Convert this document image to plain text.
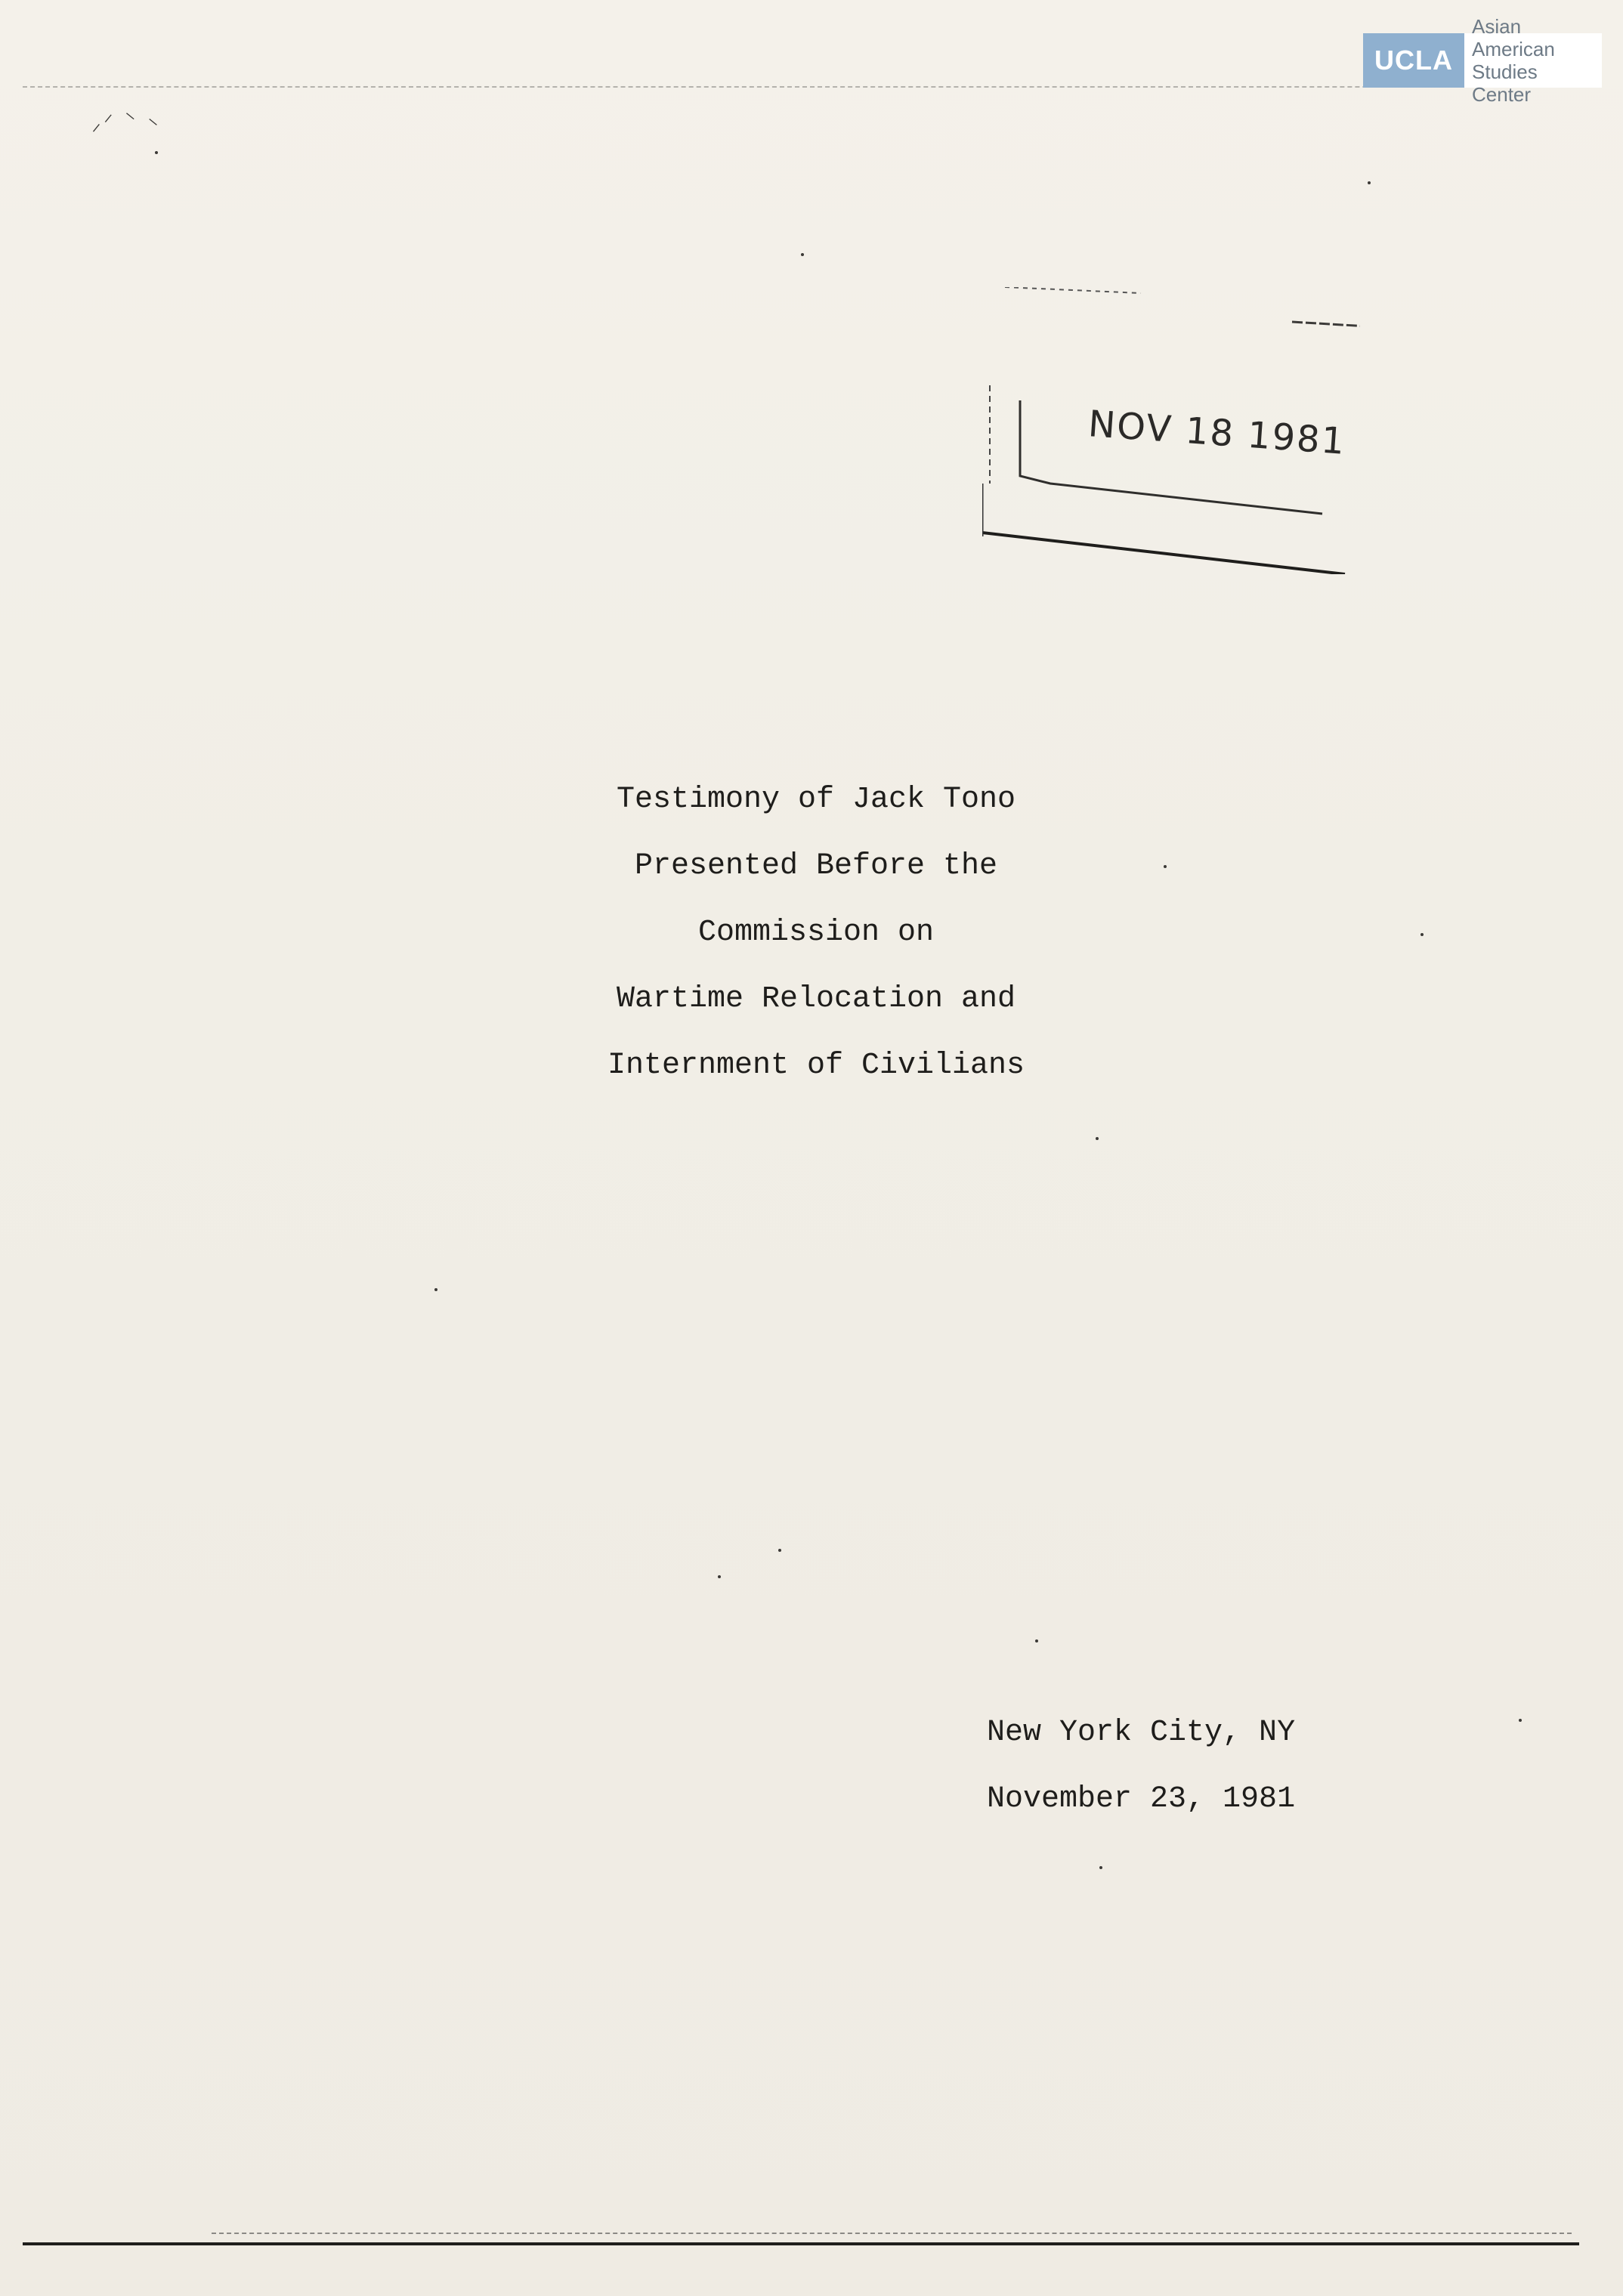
⸝⸍ ⸌ ⸜
UCLA
Asian American
Studies Center
NOV 18 1981
Testimony of Jack Tono
Presented Before the
Commission on
Wartime Relocation and
Internment of Civilians
New York City, NY
November 23, 1981
